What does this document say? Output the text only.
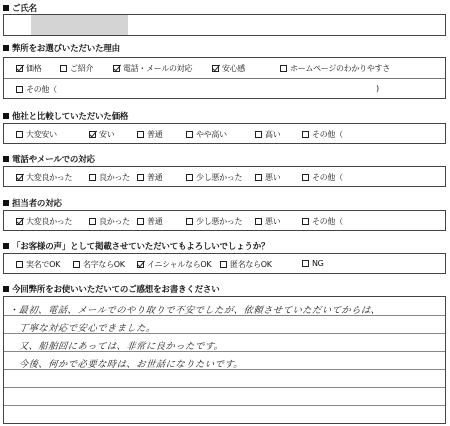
ご氏名
弊所をお選びいただいた理由
価格	ご紹介	電話・メールの対応	安心感	ホームページのわかりやすさ
その他（	)
他社と比較していただいた価格
大変安い	安い	普通	やや高い	高い	その他（
電話やメールでの対応
大変良かった	良かった	普通	少し悪かった	悪い	その他（
担当者の対応
大変良かった	良かった	普通	少し悪かった	悪い	その他（
「お客様の声」として掲載させていただいてもよろしいでしょうか？
実名でOK	名字ならOK	イニシャルならOK	匿名ならOK	NG
今回弊所をお使いいただいてのご感想をお書きください
・最初、電話、メールでのやり取りで不安でしたが、依頼させていただいてからは、
丁寧な対応で安心できました。
又、船舶回にあっては、非常に良かったです。
今後、何かで必要な時は、お世話になりたいです。
